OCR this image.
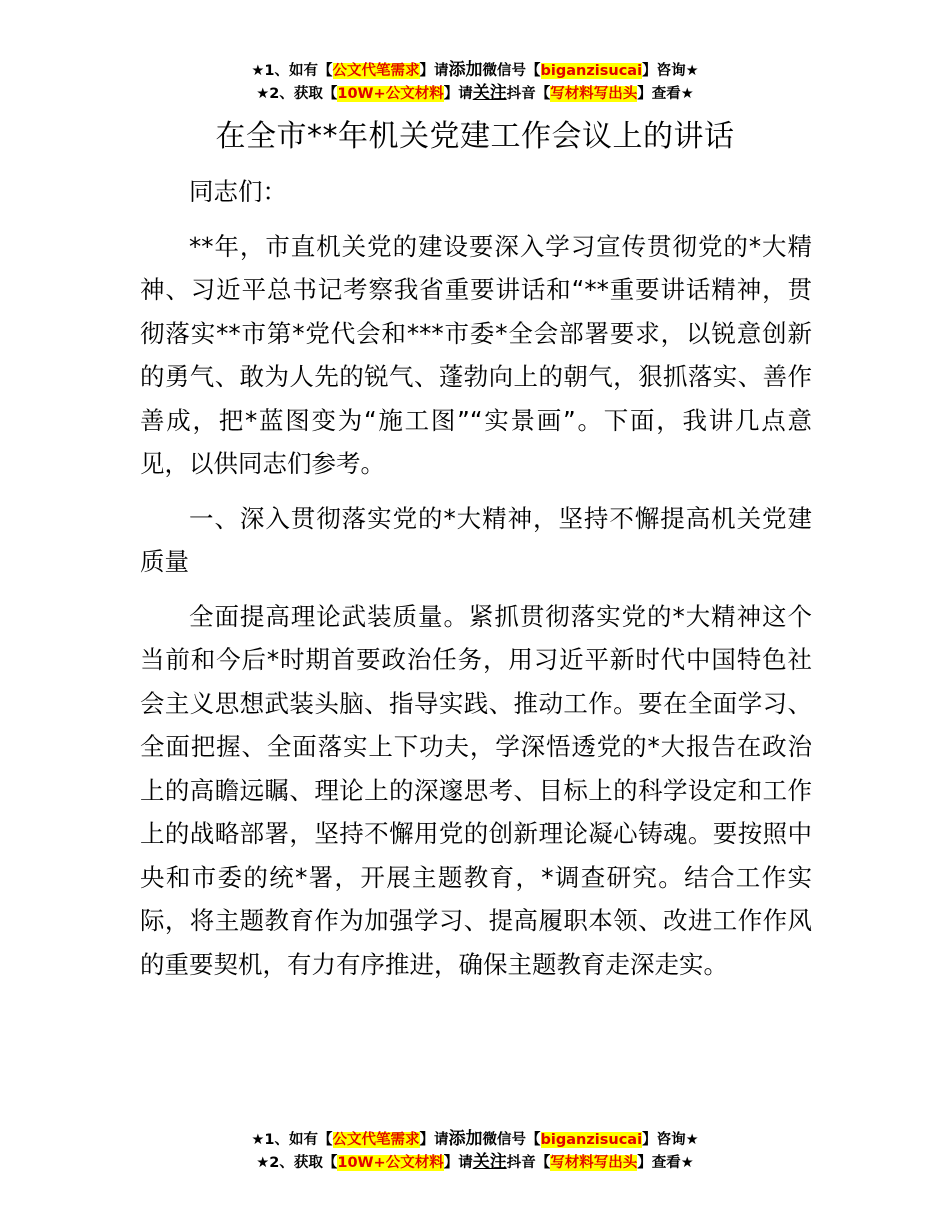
★1、如有【公文代笔需求】请添加微信号【biganzisucai】咨询★
★2、获取【10W+公文材料】请关注抖音【写材料写出头】查看★
在全市**年机关党建工作会议上的讲话

同志们：

**年，市直机关党的建设要深入学习宣传贯彻党的*大精神、习近平总书记考察我省重要讲话和“**重要讲话精神，贯彻落实**市第*党代会和***市委*全会部署要求，以锐意创新的勇气、敢为人先的锐气、蓬勃向上的朝气，狠抓落实、善作善成，把*蓝图变为“施工图”“实景画”。下面，我讲几点意见，以供同志们参考。

一、深入贯彻落实党的*大精神，坚持不懈提高机关党建质量

全面提高理论武装质量。紧抓贯彻落实党的*大精神这个当前和今后*时期首要政治任务，用习近平新时代中国特色社会主义思想武装头脑、指导实践、推动工作。要在全面学习、全面把握、全面落实上下功夫，学深悟透党的*大报告在政治上的高瞻远瞩、理论上的深邃思考、目标上的科学设定和工作上的战略部署，坚持不懈用党的创新理论凝心铸魂。要按照中央和市委的统*署，开展主题教育，*调查研究。结合工作实际，将主题教育作为加强学习、提高履职本领、改进工作作风的重要契机，有力有序推进，确保主题教育走深走实。

★1、如有【公文代笔需求】请添加微信号【biganzisucai】咨询★
★2、获取【10W+公文材料】请关注抖音【写材料写出头】查看★
